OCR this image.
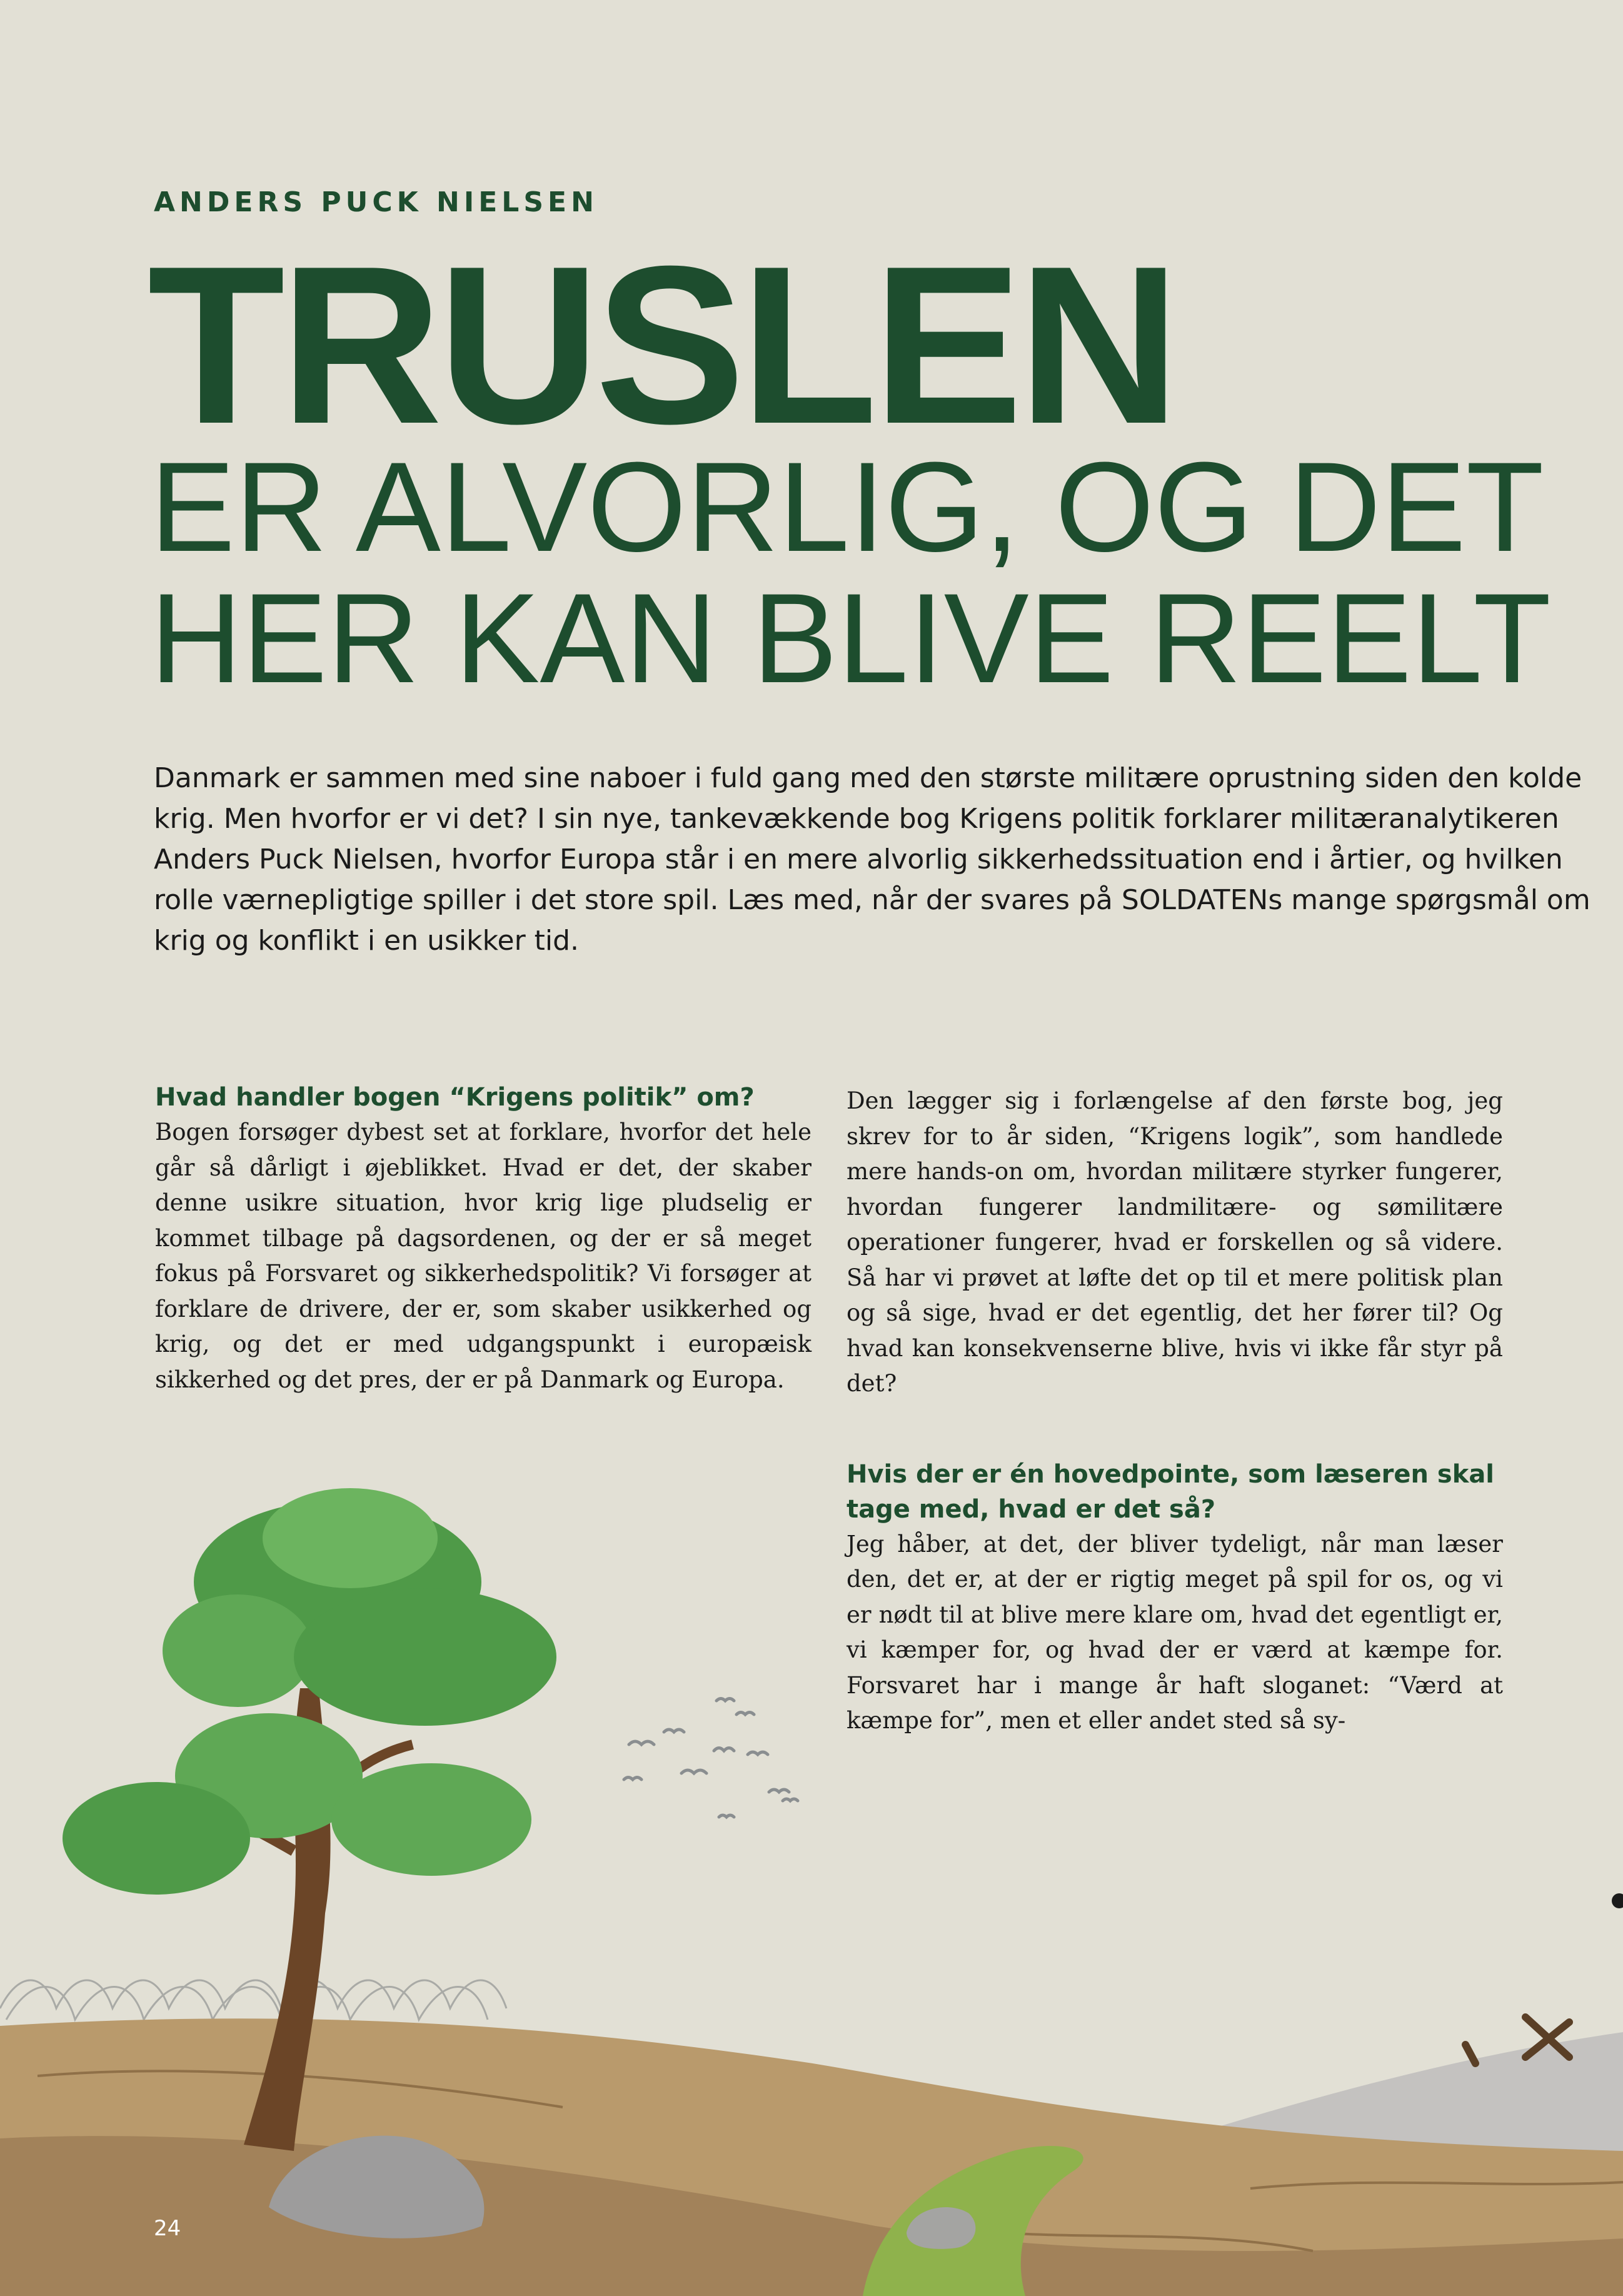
ANDERS PUCK NIELSEN
TRUSLEN
ER ALVORLIG, OG DET
HER KAN BLIVE REELT

Danmark er sammen med sine naboer i fuld gang med den største militære oprustning siden den kolde krig. Men hvorfor er vi det? I sin nye, tankevækkende bog Krigens politik forklarer militæranalytikeren Anders Puck Nielsen, hvorfor Europa står i en mere alvorlig sikkerhedssituation end i årtier, og hvilken rolle værnepligtige spiller i det store spil. Læs med, når der svares på SOLDATENs mange spørgsmål om krig og konflikt i en usikker tid.

Hvad handler bogen “Krigens politik” om?

Bogen forsøger dybest set at forklare, hvorfor det hele går så dårligt i øjeblikket. Hvad er det, der skaber denne usikre situation, hvor krig lige pludselig er kommet tilbage på dagsordenen, og der er så meget fokus på Forsvaret og sikkerhedspolitik? Vi forsøger at forklare de drivere, der er, som skaber usikkerhed og krig, og det er med udgangspunkt i europæisk sikkerhed og det pres, der er på Danmark og Europa.

Den lægger sig i forlængelse af den første bog, jeg skrev for to år siden, “Krigens logik”, som handlede mere hands-on om, hvordan militære styrker fungerer, hvordan fungerer landmilitære- og sømilitære operationer fungerer, hvad er forskellen og så videre. Så har vi prøvet at løfte det op til et mere politisk plan og så sige, hvad er det egentlig, det her fører til? Og hvad kan konsekvenserne blive, hvis vi ikke får styr på det?

Hvis der er én hovedpointe, som læseren skal tage med, hvad er det så?

Jeg håber, at det, der bliver tydeligt, når man læser den, det er, at der er rigtig meget på spil for os, og vi er nødt til at blive mere klare om, hvad det egentligt er, vi kæmper for, og hvad der er værd at kæmpe for. Forsvaret har i mange år haft sloganet: “Værd at kæmpe for”, men et eller andet sted så sy-

24
